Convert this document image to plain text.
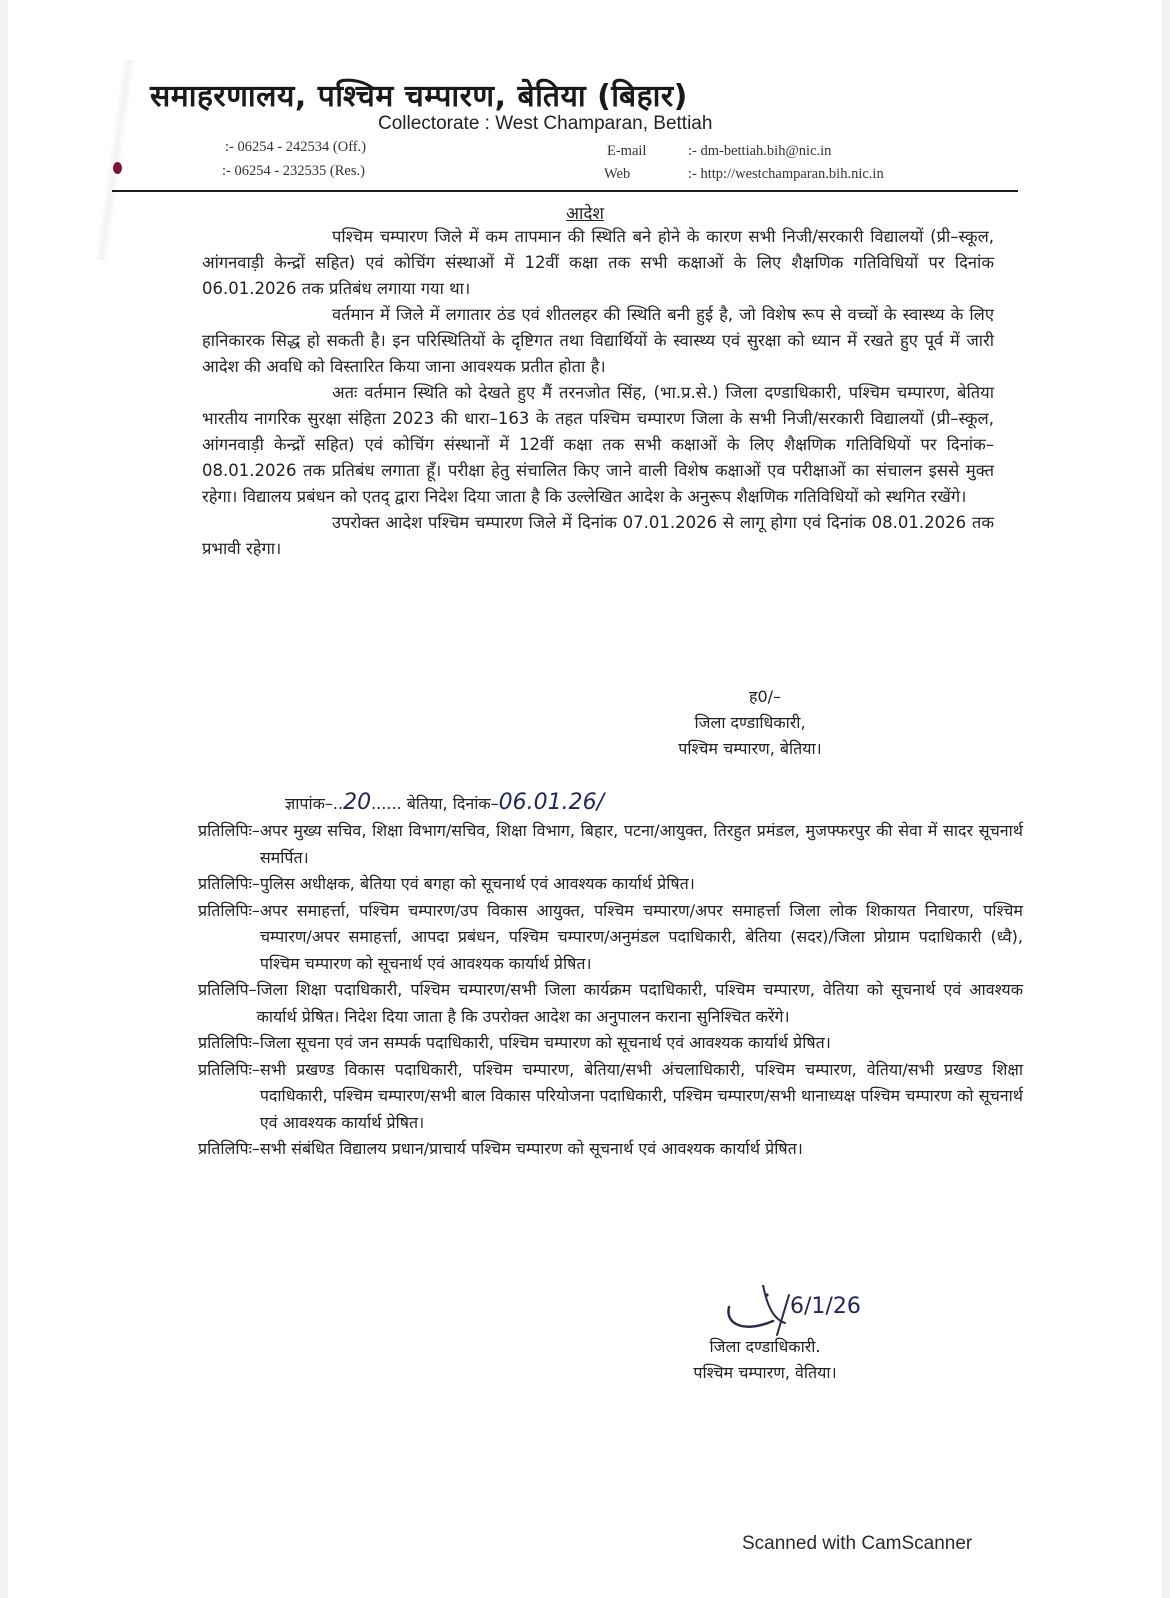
समाहरणालय, पश्चिम चम्पारण, बेतिया (बिहार)
Collectorate : West Champaran, Bettiah
:- 06254 - 242534 (Off.)
:- 06254 - 232535 (Res.)
E-mail	:- dm-bettiah.bih@nic.in
Web	:- http://westchamparan.bih.nic.in
आदेश

पश्चिम चम्पारण जिले में कम तापमान की स्थिति बने होने के कारण सभी निजी/सरकारी विद्यालयों (प्री–स्कूल, आंगनवाड़ी केन्द्रों सहित) एवं कोचिंग संस्थाओं में 12वीं कक्षा तक सभी कक्षाओं के लिए शैक्षणिक गतिविधियों पर दिनांक 06.01.2026 तक प्रतिबंध लगाया गया था।

वर्तमान में जिले में लगातार ठंड एवं शीतलहर की स्थिति बनी हुई है, जो विशेष रूप से वच्चों के स्वास्थ्य के लिए हानिकारक सिद्ध हो सकती है। इन परिस्थितियों के दृष्टिगत तथा विद्यार्थियों के स्वास्थ्य एवं सुरक्षा को ध्यान में रखते हुए पूर्व में जारी आदेश की अवधि को विस्तारित किया जाना आवश्यक प्रतीत होता है।

अतः वर्तमान स्थिति को देखते हुए मैं तरनजोत सिंह, (भा.प्र.से.) जिला दण्डाधिकारी, पश्चिम चम्पारण, बेतिया भारतीय नागरिक सुरक्षा संहिता 2023 की धारा–163 के तहत पश्चिम चम्पारण जिला के सभी निजी/सरकारी विद्यालयों (प्री–स्कूल, आंगनवाड़ी केन्द्रों सहित) एवं कोचिंग संस्थानों में 12वीं कक्षा तक सभी कक्षाओं के लिए शैक्षणिक गतिविधियों पर दिनांक– 08.01.2026 तक प्रतिबंध लगाता हूँ। परीक्षा हेतु संचालित किए जाने वाली विशेष कक्षाओं एव परीक्षाओं का संचालन इससे मुक्त रहेगा। विद्यालय प्रबंधन को एतद् द्वारा निदेश दिया जाता है कि उल्लेखित आदेश के अनुरूप शैक्षणिक गतिविधियों को स्थगित रखेंगे।

उपरोक्त आदेश पश्चिम चम्पारण जिले में दिनांक 07.01.2026 से लागू होगा एवं दिनांक 08.01.2026 तक प्रभावी रहेगा।

ह0/–
जिला दण्डाधिकारी,
पश्चिम चम्पारण, बेतिया।
ज्ञापांक–..20...... बेतिया, दिनांक–06.01.26/
प्रतिलिपिः– अपर मुख्य सचिव, शिक्षा विभाग/सचिव, शिक्षा विभाग, बिहार, पटना/आयुक्त, तिरहुत प्रमंडल, मुजफ्फरपुर की सेवा में सादर सूचनार्थ समर्पित।
प्रतिलिपिः– पुलिस अधीक्षक, बेतिया एवं बगहा को सूचनार्थ एवं आवश्यक कार्यार्थ प्रेषित।
प्रतिलिपिः– अपर समाहर्त्ता, पश्चिम चम्पारण/उप विकास आयुक्त, पश्चिम चम्पारण/अपर समाहर्त्ता जिला लोक शिकायत निवारण, पश्चिम चम्पारण/अपर समाहर्त्ता, आपदा प्रबंधन, पश्चिम चम्पारण/अनुमंडल पदाधिकारी, बेतिया (सदर)/जिला प्रोग्राम पदाधिकारी (ध्वै), पश्चिम चम्पारण को सूचनार्थ एवं आवश्यक कार्यार्थ प्रेषित।
प्रतिलिपि– जिला शिक्षा पदाधिकारी, पश्चिम चम्पारण/सभी जिला कार्यक्रम पदाधिकारी, पश्चिम चम्पारण, वेतिया को सूचनार्थ एवं आवश्यक कार्यार्थ प्रेषित। निदेश दिया जाता है कि उपरोक्त आदेश का अनुपालन कराना सुनिश्चित करेंगे।
प्रतिलिपिः– जिला सूचना एवं जन सम्पर्क पदाधिकारी, पश्चिम चम्पारण को सूचनार्थ एवं आवश्यक कार्यार्थ प्रेषित।
प्रतिलिपिः– सभी प्रखण्ड विकास पदाधिकारी, पश्चिम चम्पारण, बेतिया/सभी अंचलाधिकारी, पश्चिम चम्पारण, वेतिया/सभी प्रखण्ड शिक्षा पदाधिकारी, पश्चिम चम्पारण/सभी बाल विकास परियोजना पदाधिकारी, पश्चिम चम्पारण/सभी थानाध्यक्ष पश्चिम चम्पारण को सूचनार्थ एवं आवश्यक कार्यार्थ प्रेषित।
प्रतिलिपिः– सभी संबंधित विद्यालय प्रधान/प्राचार्य पश्चिम चम्पारण को सूचनार्थ एवं आवश्यक कार्यार्थ प्रेषित।
6/1/26
जिला दण्डाधिकारी.
पश्चिम चम्पारण, वेतिया।
Scanned with CamScanner
